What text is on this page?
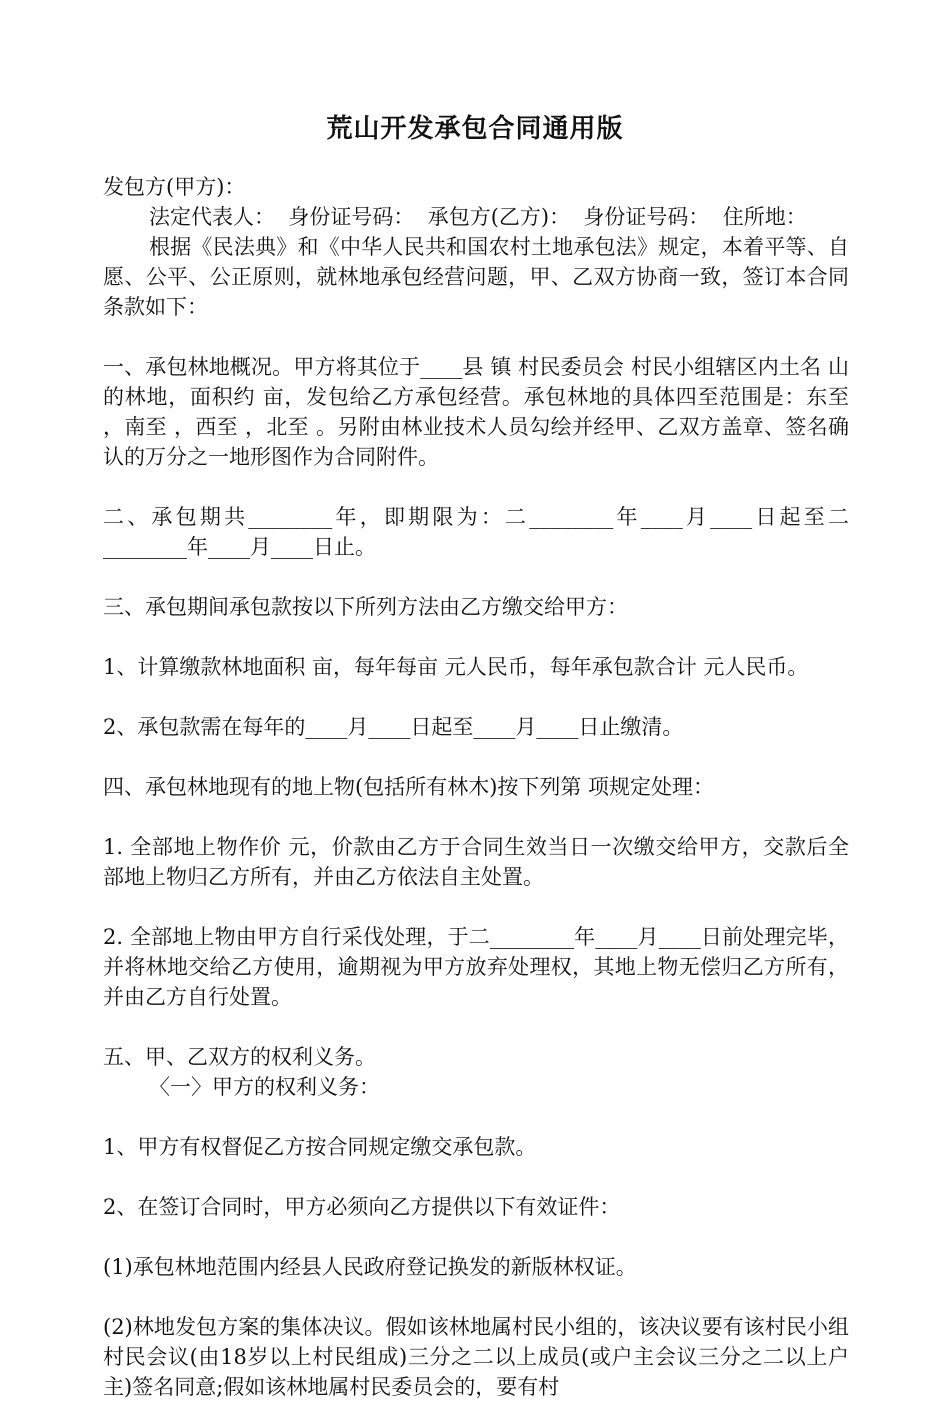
荒山开发承包合同通用版

发包方(甲方)：

法定代表人：  身份证号码：  承包方(乙方)：  身份证号码：  住所地：

根据《民法典》和《中华人民共和国农村土地承包法》规定，本着平等、自愿、公平、公正原则，就林地承包经营问题，甲、乙双方协商一致，签订本合同条款如下：

一、承包林地概况。甲方将其位于____县 镇 村民委员会 村民小组辖区内土名 山的林地，面积约 亩，发包给乙方承包经营。承包林地的具体四至范围是：东至 ，南至 ，西至 ，北至 。另附由林业技术人员勾绘并经甲、乙双方盖章、签名确认的万分之一地形图作为合同附件。

二、承包期共________年，即期限为：二________年____月____日起至二________年____月____日止。

三、承包期间承包款按以下所列方法由乙方缴交给甲方：

1、计算缴款林地面积 亩，每年每亩 元人民币，每年承包款合计 元人民币。

2、承包款需在每年的____月____日起至____月____日止缴清。

四、承包林地现有的地上物(包括所有林木)按下列第 项规定处理：

1. 全部地上物作价 元，价款由乙方于合同生效当日一次缴交给甲方，交款后全部地上物归乙方所有，并由乙方依法自主处置。

2. 全部地上物由甲方自行采伐处理，于二________年____月____日前处理完毕，并将林地交给乙方使用，逾期视为甲方放弃处理权，其地上物无偿归乙方所有，并由乙方自行处置。

五、甲、乙双方的权利义务。

〈一〉甲方的权利义务：

1、甲方有权督促乙方按合同规定缴交承包款。

2、在签订合同时，甲方必须向乙方提供以下有效证件：

(1)承包林地范围内经县人民政府登记换发的新版林权证。

(2)林地发包方案的集体决议。假如该林地属村民小组的，该决议要有该村民小组村民会议(由18岁以上村民组成)三分之二以上成员(或户主会议三分之二以上户主)签名同意;假如该林地属村民委员会的，要有村
